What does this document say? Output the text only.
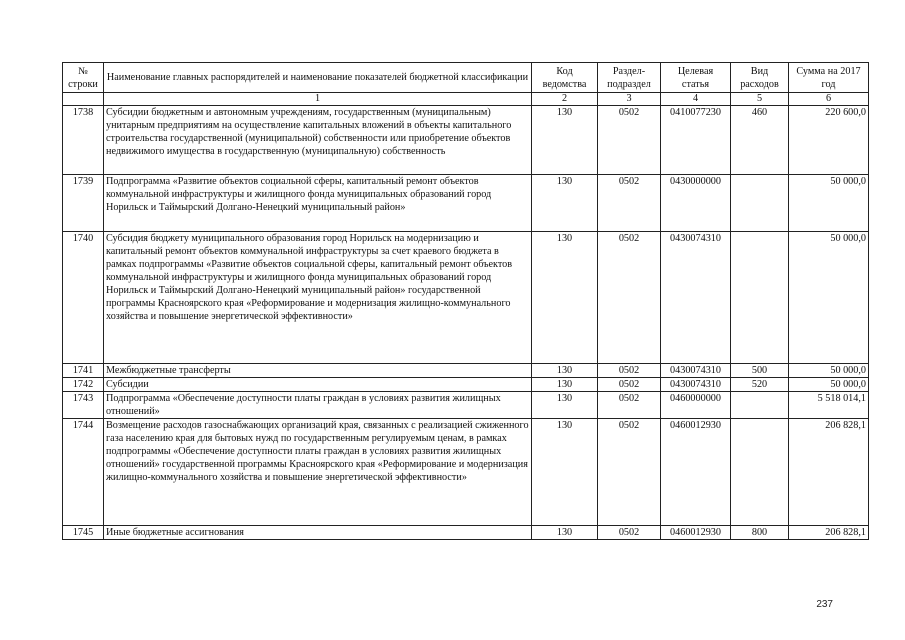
№ строки	Наименование главных распорядителей и наименование показателей бюджетной классификации	Код ведомства	Раздел-подраздел	Целевая статья	Вид расходов	Сумма на 2017 год
	1	2	3	4	5	6
1738	Субсидии бюджетным и автономным учреждениям, государственным (муниципальным) унитарным предприятиям на осуществление капитальных вложений в объекты капитального строительства государственной (муниципальной) собственности или приобретение объектов недвижимого имущества в государственную (муниципальную) собственность	130	0502	0410077230	460	220 600,0
1739	Подпрограмма «Развитие объектов социальной сферы, капитальный ремонт объектов коммунальной инфраструктуры и жилищного фонда муниципальных образований город Норильск и Таймырский Долгано-Ненецкий муниципальный район»	130	0502	0430000000		50 000,0
1740	Субсидия бюджету муниципального образования город Норильск на модернизацию и капитальный ремонт объектов коммунальной инфраструктуры за счет краевого бюджета в рамках подпрограммы «Развитие объектов социальной сферы, капитальный ремонт объектов коммунальной инфраструктуры и жилищного фонда муниципальных образований город Норильск и Таймырский Долгано-Ненецкий муниципальный район» государственной программы Красноярского края «Реформирование и модернизация жилищно-коммунального хозяйства и повышение энергетической эффективности»	130	0502	0430074310		50 000,0
1741	Межбюджетные трансферты	130	0502	0430074310	500	50 000,0
1742	Субсидии	130	0502	0430074310	520	50 000,0
1743	Подпрограмма «Обеспечение доступности платы граждан в условиях развития жилищных отношений»	130	0502	0460000000		5 518 014,1
1744	Возмещение расходов газоснабжающих организаций края, связанных с реализацией сжиженного газа населению края для бытовых нужд по государственным регулируемым ценам, в рамках подпрограммы «Обеспечение доступности платы граждан в условиях развития жилищных отношений» государственной программы Красноярского края «Реформирование и модернизация жилищно-коммунального хозяйства и повышение энергетической эффективности»	130	0502	0460012930		206 828,1
1745	Иные бюджетные ассигнования	130	0502	0460012930	800	206 828,1
237
